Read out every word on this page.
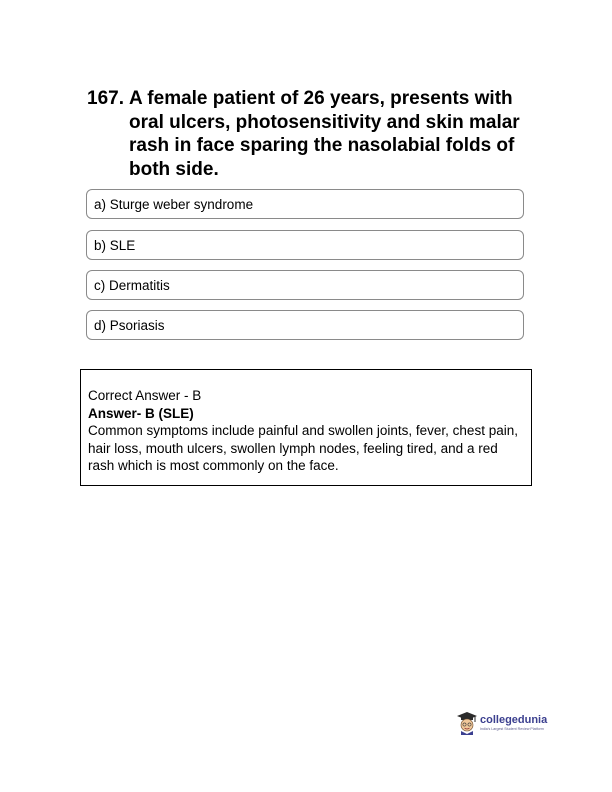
167. A female patient of 26 years, presents with oral ulcers, photosensitivity and skin malar rash in face sparing the nasolabial folds of both side.
a) Sturge weber syndrome
b) SLE
c) Dermatitis
d) Psoriasis
Correct Answer - B
Answer- B (SLE)
Common symptoms include painful and swollen joints, fever, chest pain, hair loss, mouth ulcers, swollen lymph nodes, feeling tired, and a red rash which is most commonly on the face.
collegedunia
India's Largest Student Review Platform
